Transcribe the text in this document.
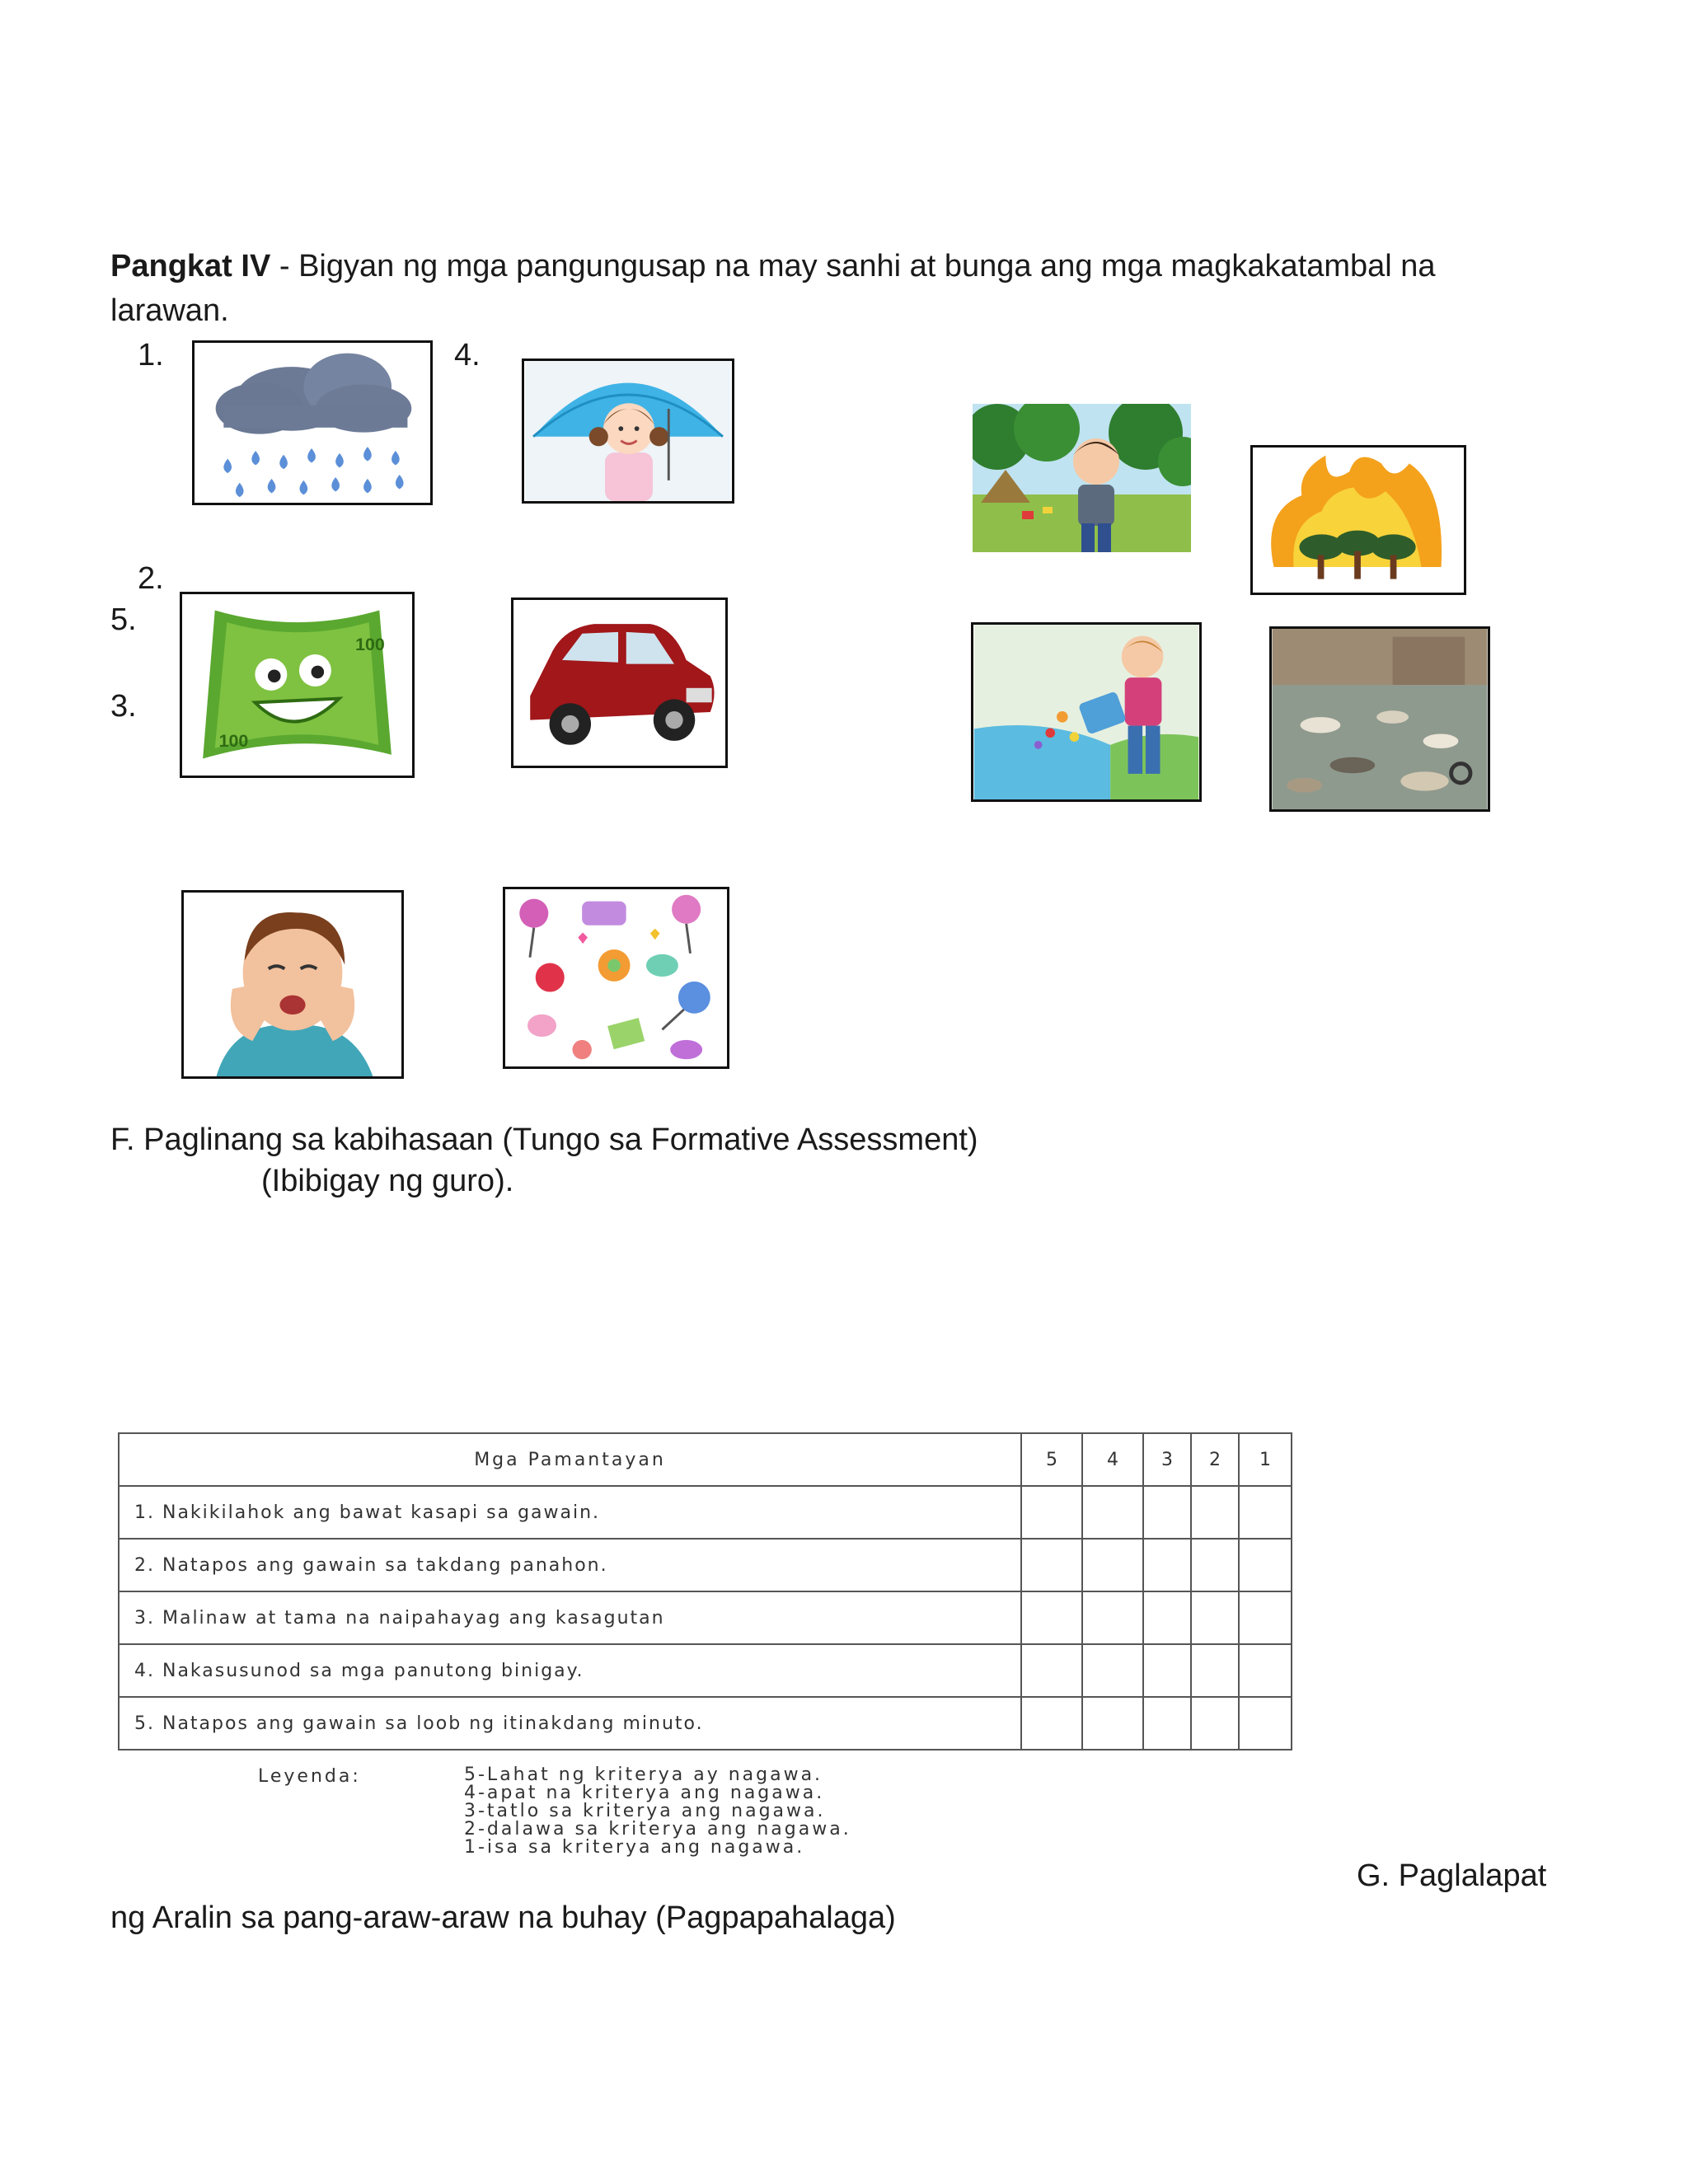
Pangkat IV - Bigyan ng mga pangungusap na may sanhi at bunga ang mga magkakatambal na larawan.
1.	4.
2.
5.
3.
100
100
F. Paglinang sa kabihasaan (Tungo sa Formative Assessment)
(Ibibigay ng guro).
Mga Pamantayan	5	4	3	2	1
1. Nakikilahok ang bawat kasapi sa gawain.					
2. Natapos ang gawain sa takdang panahon.					
3. Malinaw at tama na naipahayag ang kasagutan					
4. Nakasusunod sa mga panutong binigay.					
5. Natapos ang gawain sa loob ng itinakdang minuto.					
Leyenda:	5-Lahat ng kriterya ay nagawa.
4-apat na kriterya ang nagawa.
3-tatlo sa kriterya ang nagawa.
2-dalawa sa kriterya ang nagawa.
1-isa sa kriterya ang nagawa.
G. Paglalapat
ng Aralin sa pang-araw-araw na buhay (Pagpapahalaga)
